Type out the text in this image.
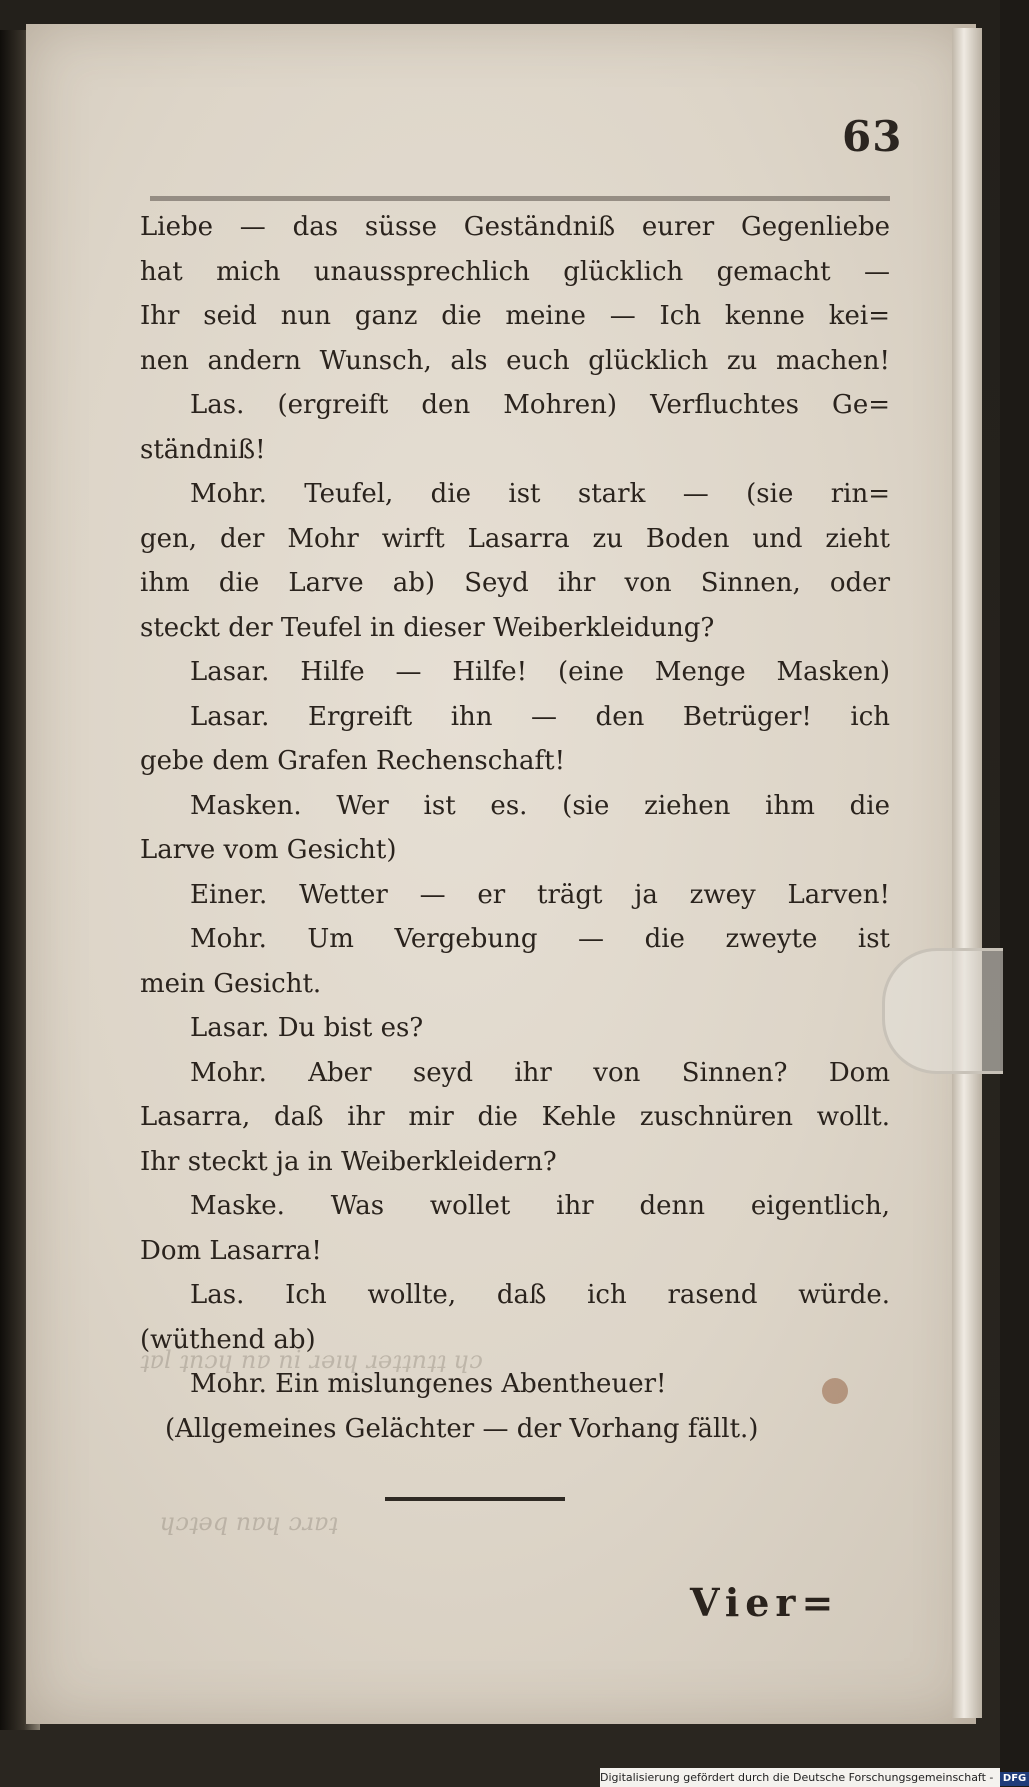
ʇɐl ʇnɔɥ nɐ ni ɹǝıɥ ɹǝʇʇnʇʇ ɥɔ
ɥɔʇǝq nɐɥ ɔɹɐʇ
63
Liebe — das süsse Geständniß eurer Gegenliebe
hat mich unaussprechlich glücklich gemacht —
Ihr seid nun ganz die meine — Ich kenne kei=
nen andern Wunsch, als euch glücklich zu machen!
Las. (ergreift den Mohren) Verfluchtes Ge=
ständniß!
Mohr. Teufel, die ist stark — (sie rin=
gen, der Mohr wirft Lasarra zu Boden und zieht
ihm die Larve ab) Seyd ihr von Sinnen, oder
steckt der Teufel in dieser Weiberkleidung?
Lasar. Hilfe — Hilfe! (eine Menge Masken)
Lasar. Ergreift ihn — den Betrüger! ich
gebe dem Grafen Rechenschaft!
Masken. Wer ist es. (sie ziehen ihm die
Larve vom Gesicht)
Einer. Wetter — er trägt ja zwey Larven!
Mohr. Um Vergebung — die zweyte ist
mein Gesicht.
Lasar. Du bist es?
Mohr. Aber seyd ihr von Sinnen? Dom
Lasarra, daß ihr mir die Kehle zuschnüren wollt.
Ihr steckt ja in Weiberkleidern?
Maske. Was wollet ihr denn eigentlich,
Dom Lasarra!
Las. Ich wollte, daß ich rasend würde.
(wüthend ab)
Mohr. Ein mislungenes Abentheuer!
(Allgemeines Gelächter — der Vorhang fällt.)
Vier=
Digitalisierung gefördert durch die Deutsche Forschungsgemeinschaft - DFG
